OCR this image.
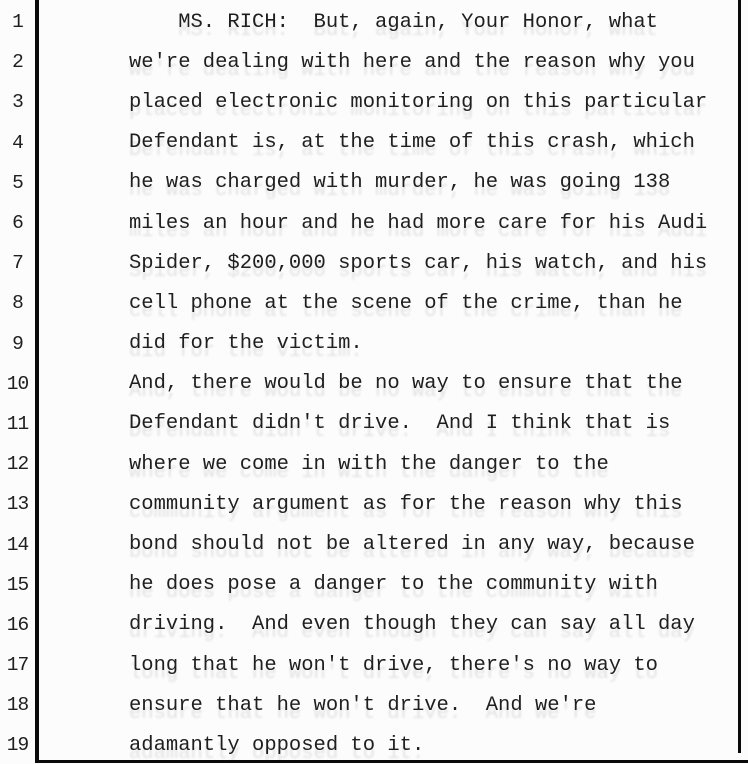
1	MS. RICH:  But, again, Your Honor, what
2	we're dealing with here and the reason why you
3	placed electronic monitoring on this particular
4	Defendant is, at the time of this crash, which
5	he was charged with murder, he was going 138
6	miles an hour and he had more care for his Audi
7	Spider, $200,000 sports car, his watch, and his
8	cell phone at the scene of the crime, than he
9	did for the victim.
10	And, there would be no way to ensure that the
11	Defendant didn't drive.  And I think that is
12	where we come in with the danger to the
13	community argument as for the reason why this
14	bond should not be altered in any way, because
15	he does pose a danger to the community with
16	driving.  And even though they can say all day
17	long that he won't drive, there's no way to
18	ensure that he won't drive.  And we're
19	adamantly opposed to it.
